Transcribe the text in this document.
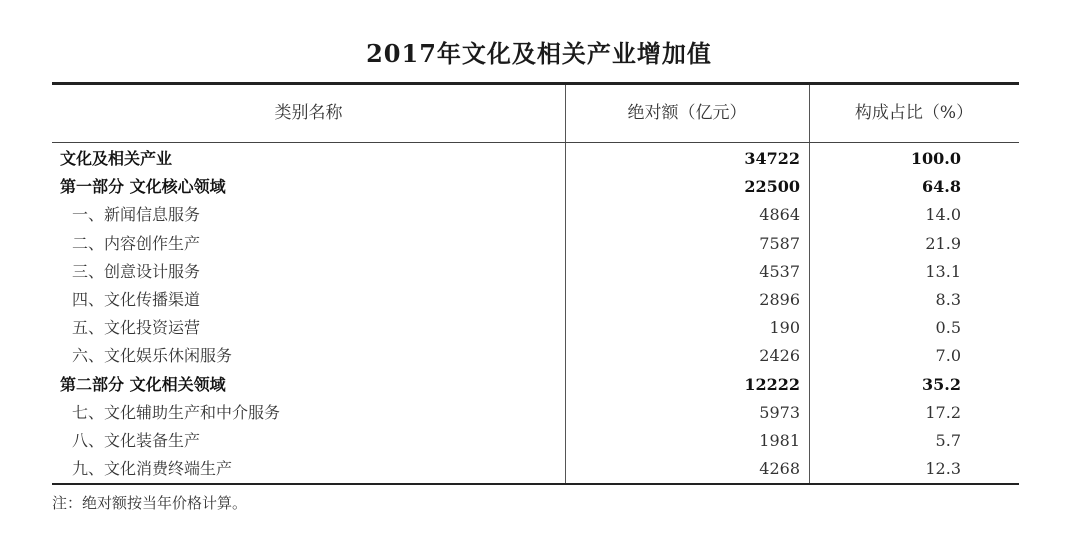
2017年文化及相关产业增加值
类别名称	绝对额（亿元）	构成占比（%）
文化及相关产业	34722	100.0
第一部分 文化核心领域	22500	64.8
一、新闻信息服务	4864	14.0
二、内容创作生产	7587	21.9
三、创意设计服务	4537	13.1
四、文化传播渠道	2896	8.3
五、文化投资运营	190	0.5
六、文化娱乐休闲服务	2426	7.0
第二部分 文化相关领域	12222	35.2
七、文化辅助生产和中介服务	5973	17.2
八、文化装备生产	1981	5.7
九、文化消费终端生产	4268	12.3
注：绝对额按当年价格计算。
